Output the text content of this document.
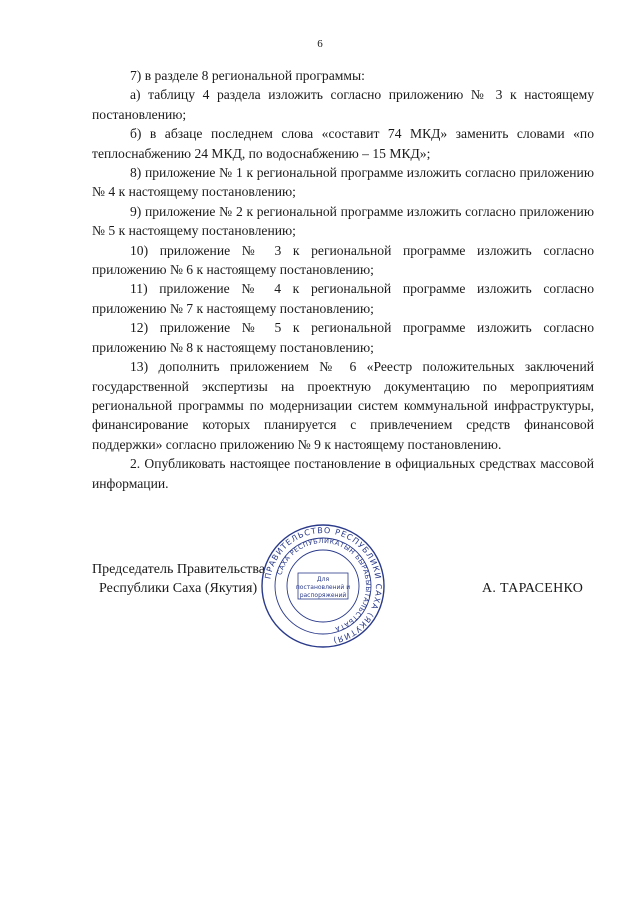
6

7) в разделе 8 региональной программы:

а) таблицу 4 раздела изложить согласно приложению № 3 к настоящему постановлению;

б) в абзаце последнем слова «составит 74 МКД» заменить словами «по теплоснабжению 24 МКД, по водоснабжению – 15 МКД»;

8) приложение № 1 к региональной программе изложить согласно приложению № 4 к настоящему постановлению;

9) приложение № 2 к региональной программе изложить согласно приложению № 5 к настоящему постановлению;

10) приложение № 3 к региональной программе изложить согласно приложению № 6 к настоящему постановлению;

11) приложение № 4 к региональной программе изложить согласно приложению № 7 к настоящему постановлению;

12) приложение № 5 к региональной программе изложить согласно приложению № 8 к настоящему постановлению;

13) дополнить приложением № 6 «Реестр положительных заключений государственной экспертизы на проектную документацию по мероприятиям региональной программы по модернизации систем коммунальной инфраструктуры, финансирование которых планируется с привлечением средств финансовой поддержки» согласно приложению № 9 к настоящему постановлению.

2. Опубликовать настоящее постановление в официальных средствах массовой информации.

Председатель Правительства
Республики Саха (Якутия)	А. ТАРАСЕНКО
ПРАВИТЕЛЬСТВО РЕСПУБЛИКИ САХА (ЯКУТИЯ)
САХА РЕСПУБЛИКАТЫН БЫРАБЫЫТАЛЬСТБАТА
Для
постановлений и
распоряжений
